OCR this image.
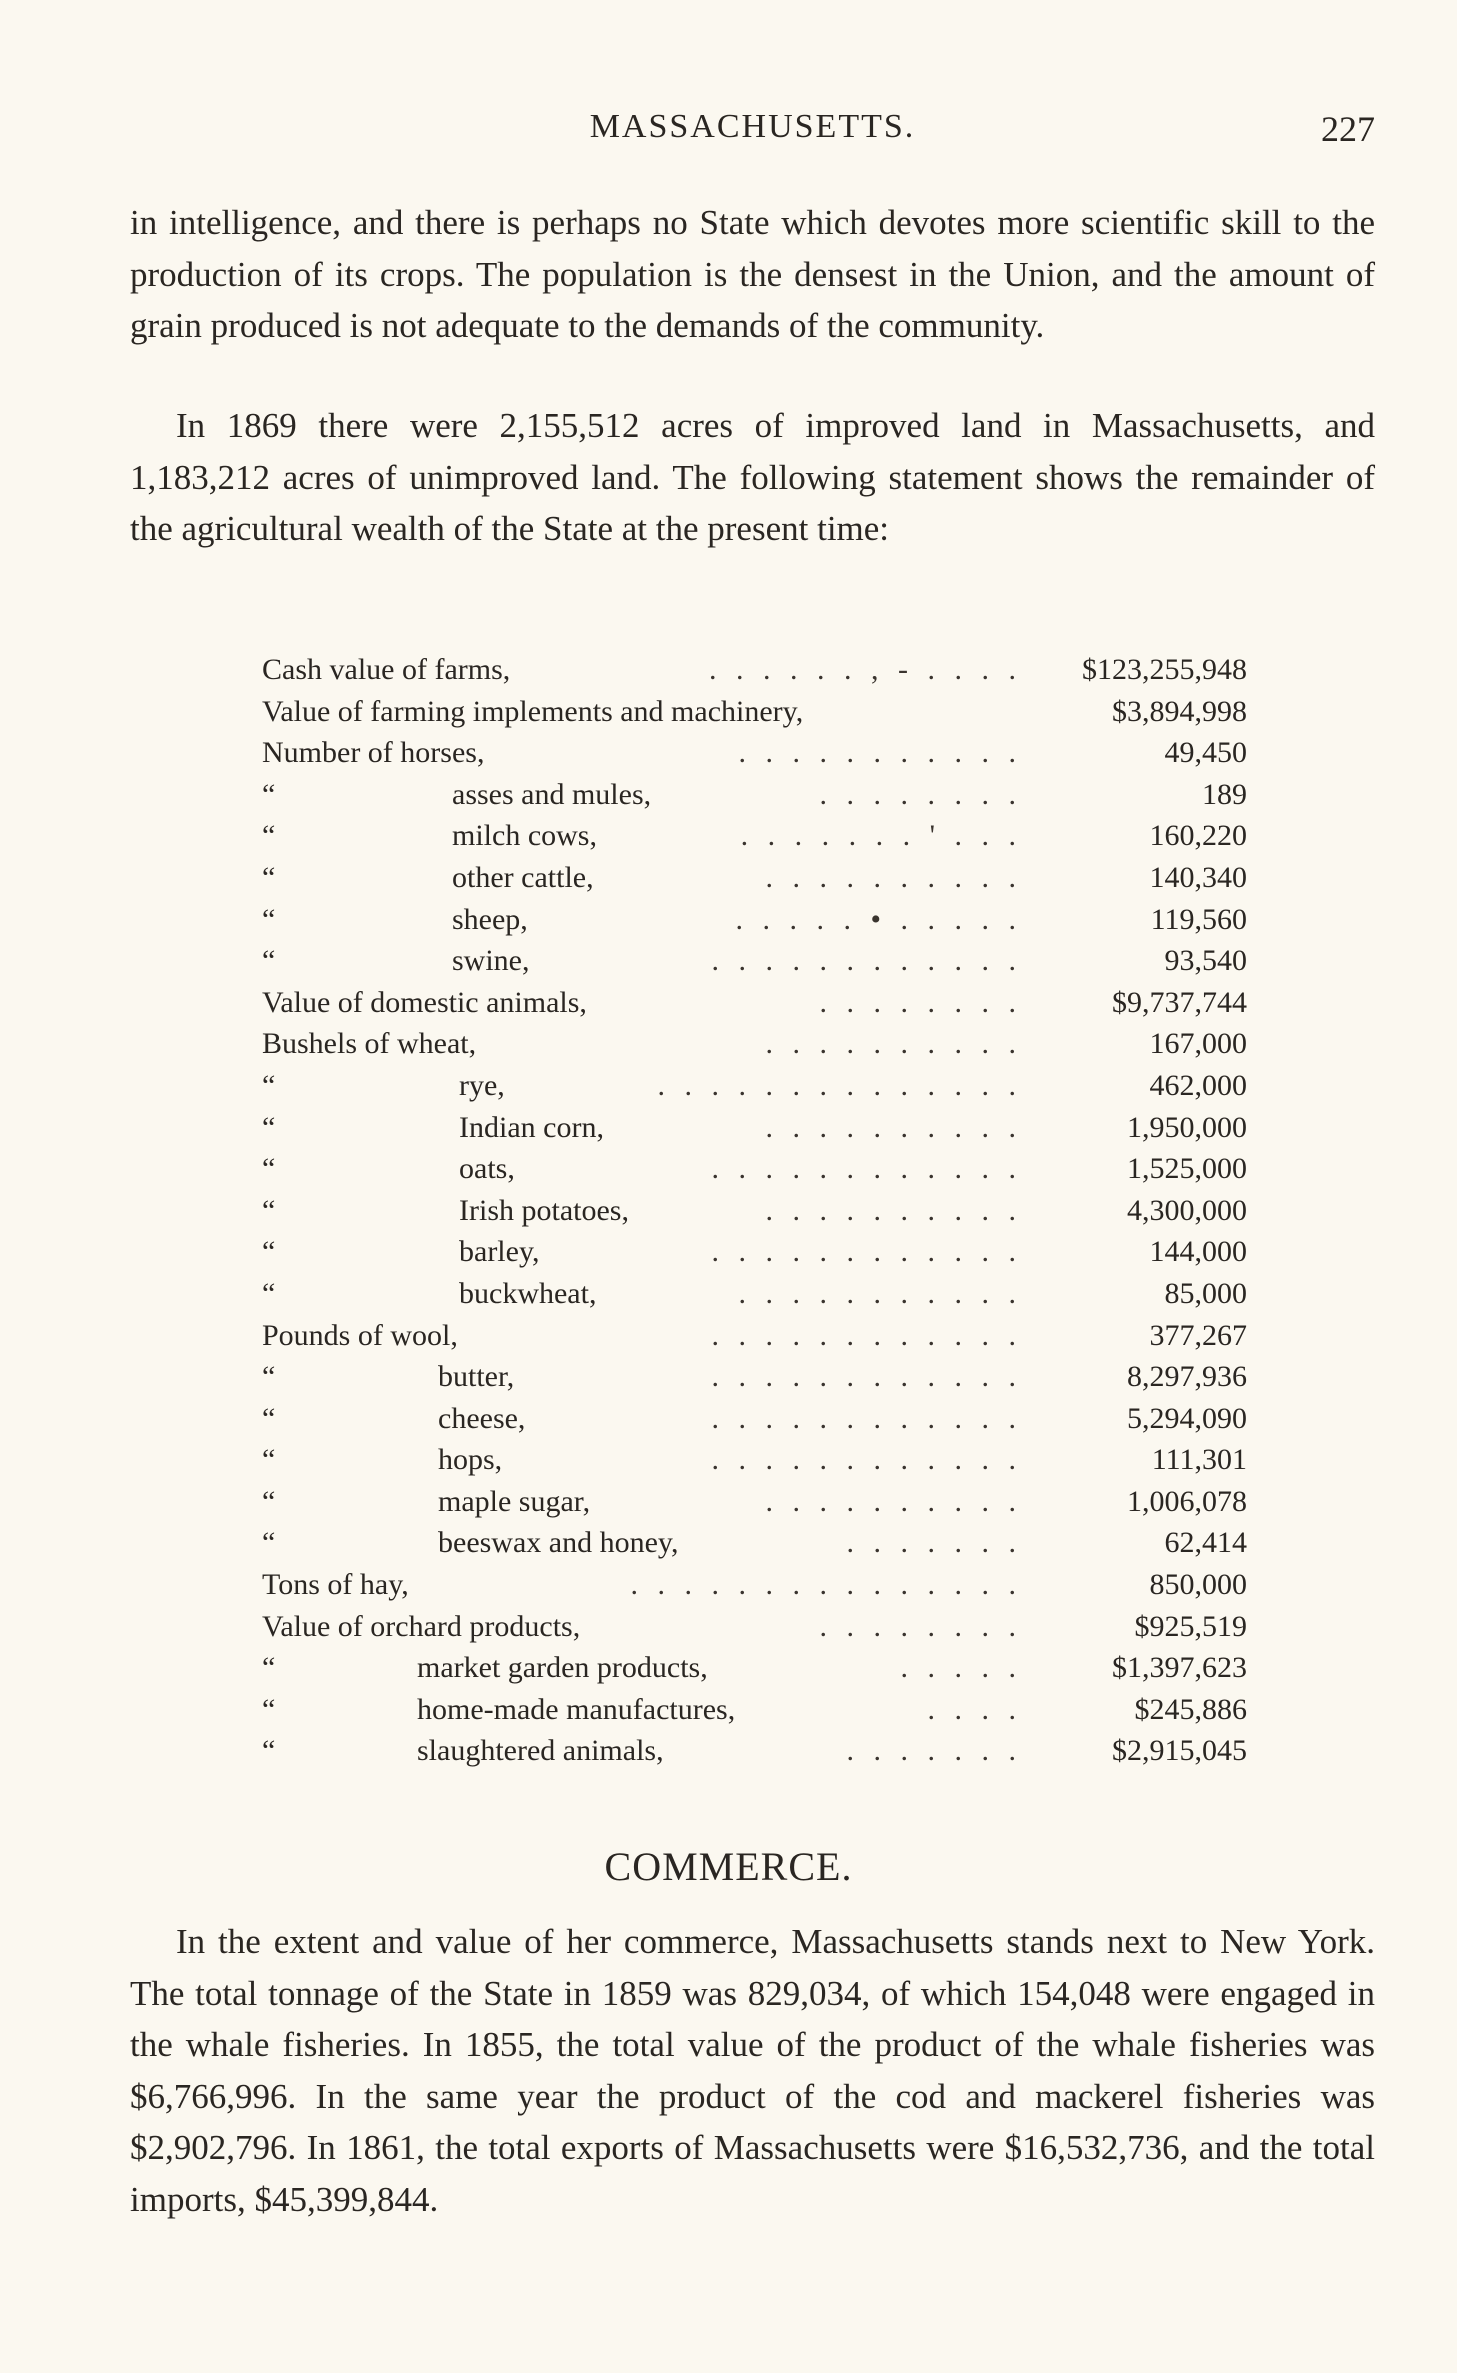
MASSACHUSETTS.	227

in intelligence, and there is perhaps no State which devotes more scientific skill to the production of its crops. The population is the densest in the Union, and the amount of grain produced is not adequate to the demands of the community.

In 1869 there were 2,155,512 acres of improved land in Massachusetts, and 1,183,212 acres of unimproved land. The following statement shows the remainder of the agricultural wealth of the State at the present time:

Cash value of farms,	. . . . . . , - . . . . $123,255,948
Value of farming implements and machinery,	$3,894,998
Number of horses,	. . . . . . . . . . .	49,450
“	asses and mules,	. . . . . . . .	189
“	milch cows,	. . . . . . . ' . . .	160,220
“	other cattle,	. . . . . . . . . .	140,340
“	sheep,	. . . . . • . . . . .	119,560
“	swine,	. . . . . . . . . . . .	93,540
Value of domestic animals,	. . . . . . . .	$9,737,744
Bushels of wheat,	. . . . . . . . . .	167,000
“	rye,	. . . . . . . . . . . . . .	462,000
“	Indian corn,	. . . . . . . . . .	1,950,000
“	oats,	. . . . . . . . . . . .	1,525,000
“	Irish potatoes,	. . . . . . . . . .	4,300,000
“	barley,	. . . . . . . . . . . .	144,000
“	buckwheat,	. . . . . . . . . . .	85,000
Pounds of wool,	. . . . . . . . . . . .	377,267
“	butter,	. . . . . . . . . . . .	8,297,936
“	cheese,	. . . . . . . . . . . .	5,294,090
“	hops,	. . . . . . . . . . . .	111,301
“	maple sugar,	. . . . . . . . . .	1,006,078
“	beeswax and honey,	. . . . . . .	62,414
Tons of hay,	. . . . . . . . . . . . . . .	850,000
Value of orchard products,	. . . . . . . .	$925,519
“	market garden products,	. . . . .	$1,397,623
“	home-made manufactures,	. . . .	$245,886
“	slaughtered animals,	. . . . . . .	$2,915,045
COMMERCE.

In the extent and value of her commerce, Massachusetts stands next to New York. The total tonnage of the State in 1859 was 829,034, of which 154,048 were engaged in the whale fisheries. In 1855, the total value of the product of the whale fisheries was $6,766,996. In the same year the product of the cod and mackerel fisheries was $2,902,796. In 1861, the total exports of Massachusetts were $16,532,736, and the total imports, $45,399,844.
